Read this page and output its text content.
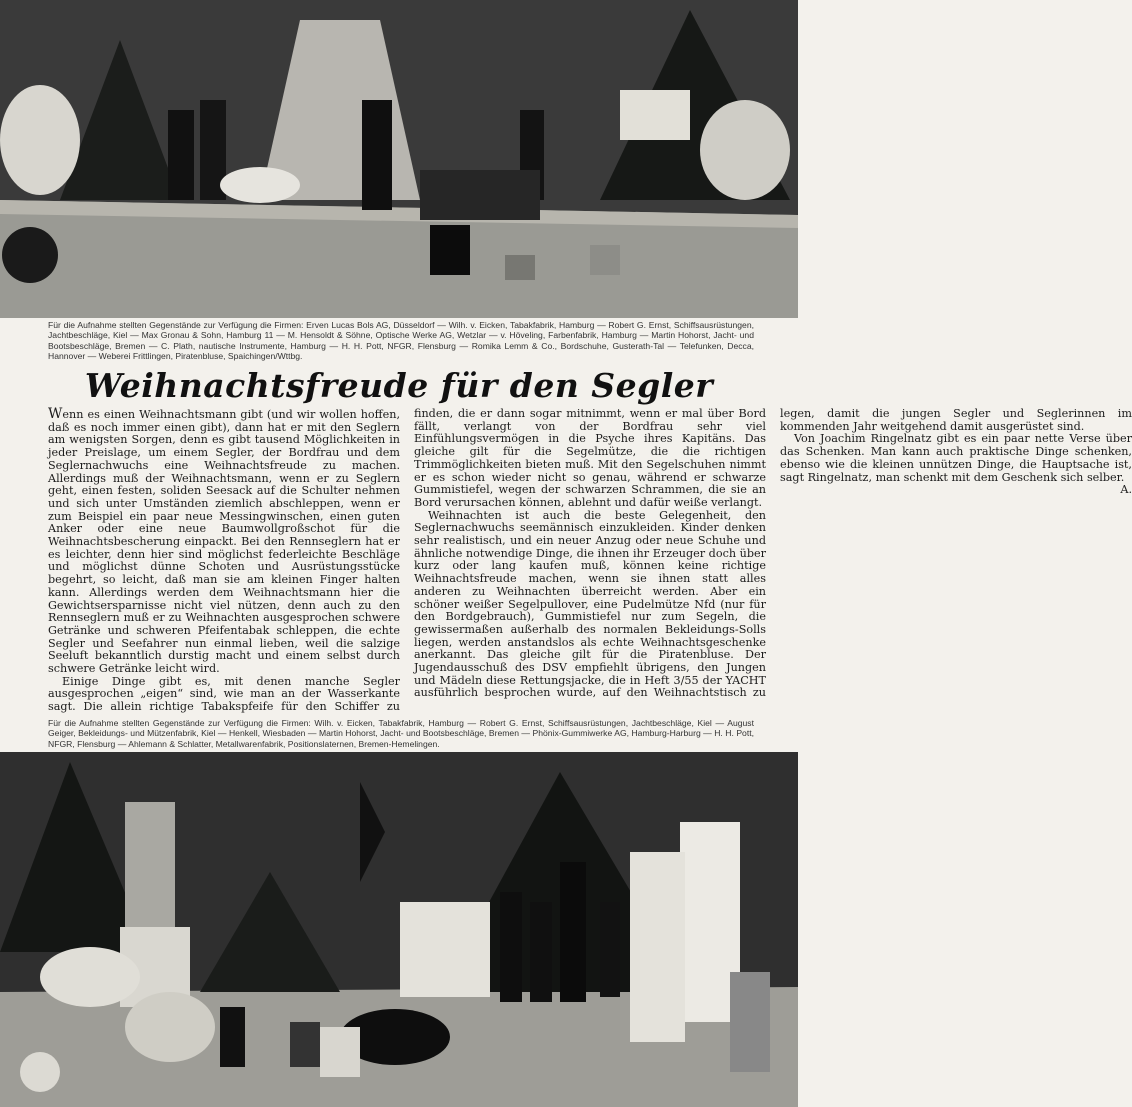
Für die Aufnahme stellten Gegenstände zur Verfügung die Firmen: Erven Lucas Bols AG, Düsseldorf — Wilh. v. Eicken, Tabakfabrik, Hamburg — Robert G. Ernst, Schiffsausrüstungen, Jachtbeschläge, Kiel — Max Gronau & Sohn, Hamburg 11 — M. Hensoldt & Söhne, Optische Werke AG, Wetzlar — v. Höveling, Farbenfabrik, Hamburg — Martin Hohorst, Jacht- und Bootsbeschläge, Bremen — C. Plath, nautische Instrumente, Hamburg — H. H. Pott, NFGR, Flensburg — Romika Lemm & Co., Bordschuhe, Gusterath-Tal — Telefunken, Decca, Hannover — Weberei Frittlingen, Piratenbluse, Spaichingen/Wttbg.
Weihnachtsfreude für den Segler

Wenn es einen Weihnachtsmann gibt (und wir wollen hoffen, daß es noch immer einen gibt), dann hat er mit den Seglern am wenigsten Sorgen, denn es gibt tausend Möglichkeiten in jeder Preislage, um einem Segler, der Bordfrau und dem Seglernachwuchs eine Weihnachtsfreude zu machen. Allerdings muß der Weihnachtsmann, wenn er zu Seglern geht, einen festen, soliden Seesack auf die Schulter nehmen und sich unter Umständen ziemlich abschleppen, wenn er zum Beispiel ein paar neue Messingwinschen, einen guten Anker oder eine neue Baumwollgroßschot für die Weihnachtsbescherung einpackt. Bei den Rennseglern hat er es leichter, denn hier sind möglichst federleichte Beschläge und möglichst dünne Schoten und Ausrüstungsstücke begehrt, so leicht, daß man sie am kleinen Finger halten kann. Allerdings werden dem Weihnachtsmann hier die Gewichtsersparnisse nicht viel nützen, denn auch zu den Rennseglern muß er zu Weihnachten ausgesprochen schwere Getränke und schweren Pfeifentabak schleppen, die echte Segler und Seefahrer nun einmal lieben, weil die salzige Seeluft bekanntlich durstig macht und einem selbst durch schwere Getränke leicht wird.

Einige Dinge gibt es, mit denen manche Segler ausgesprochen „eigen“ sind, wie man an der Wasserkante sagt. Die allein richtige Tabakspfeife für den Schiffer zu finden, die er dann sogar mitnimmt, wenn er mal über Bord fällt, verlangt von der Bordfrau sehr viel Einfühlungsvermögen in die Psyche ihres Kapitäns. Das gleiche gilt für die Segelmütze, die die richtigen Trimmöglichkeiten bieten muß. Mit den Segelschuhen nimmt er es schon wieder nicht so genau, während er schwarze Gummistiefel, wegen der schwarzen Schrammen, die sie an Bord verursachen können, ablehnt und dafür weiße verlangt.

Weihnachten ist auch die beste Gelegenheit, den Seglernachwuchs seemännisch einzukleiden. Kinder denken sehr realistisch, und ein neuer Anzug oder neue Schuhe und ähnliche notwendige Dinge, die ihnen ihr Erzeuger doch über kurz oder lang kaufen muß, können keine richtige Weihnachtsfreude machen, wenn sie ihnen statt alles anderen zu Weihnachten überreicht werden. Aber ein schöner weißer Segelpullover, eine Pudelmütze Nfd (nur für den Bordgebrauch), Gummistiefel nur zum Segeln, die gewissermaßen außerhalb des normalen Bekleidungs-Solls liegen, werden anstandslos als echte Weihnachtsgeschenke anerkannt. Das gleiche gilt für die Piratenbluse. Der Jugendausschuß des DSV empfiehlt übrigens, den Jungen und Mädeln diese Rettungsjacke, die in Heft 3/55 der YACHT ausführlich besprochen wurde, auf den Weihnachtstisch zu legen, damit die jungen Segler und Seglerinnen im kommenden Jahr weitgehend damit ausgerüstet sind.

Von Joachim Ringelnatz gibt es ein paar nette Verse über das Schenken. Man kann auch praktische Dinge schenken, ebenso wie die kleinen unnützen Dinge, die Hauptsache ist, sagt Ringelnatz, man schenkt mit dem Geschenk sich selber.

A.
Für die Aufnahme stellten Gegenstände zur Verfügung die Firmen: Wilh. v. Eicken, Tabakfabrik, Hamburg — Robert G. Ernst, Schiffsausrüstungen, Jachtbeschläge, Kiel — August Geiger, Bekleidungs- und Mützenfabrik, Kiel — Henkell, Wiesbaden — Martin Hohorst, Jacht- und Bootsbeschläge, Bremen — Phönix-Gummiwerke AG, Hamburg-Harburg — H. H. Pott, NFGR, Flensburg — Ahlemann & Schlatter, Metallwarenfabrik, Positionslaternen, Bremen-Hemelingen.
